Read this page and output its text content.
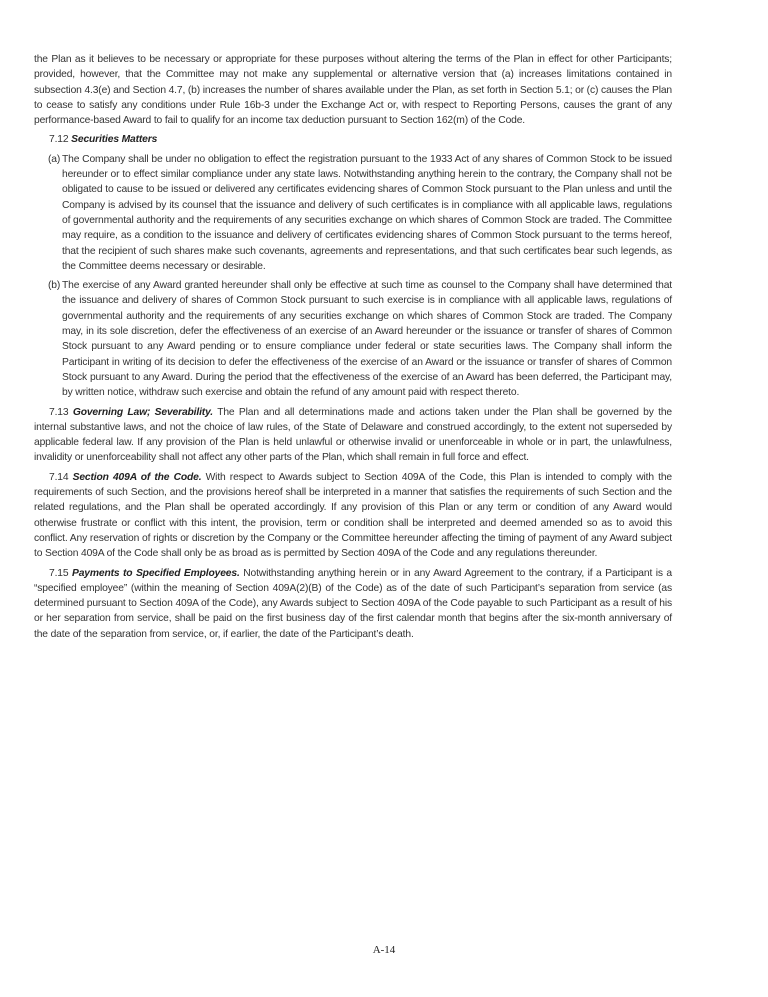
the Plan as it believes to be necessary or appropriate for these purposes without altering the terms of the Plan in effect for other Participants; provided, however, that the Committee may not make any supplemental or alternative version that (a) increases limitations contained in subsection 4.3(e) and Section 4.7, (b) increases the number of shares available under the Plan, as set forth in Section 5.1; or (c) causes the Plan to cease to satisfy any conditions under Rule 16b-3 under the Exchange Act or, with respect to Reporting Persons, causes the grant of any performance-based Award to fail to qualify for an income tax deduction pursuant to Section 162(m) of the Code.

7.12 Securities Matters

(a) The Company shall be under no obligation to effect the registration pursuant to the 1933 Act of any shares of Common Stock to be issued hereunder or to effect similar compliance under any state laws. Notwithstanding anything herein to the contrary, the Company shall not be obligated to cause to be issued or delivered any certificates evidencing shares of Common Stock pursuant to the Plan unless and until the Company is advised by its counsel that the issuance and delivery of such certificates is in compliance with all applicable laws, regulations of governmental authority and the requirements of any securities exchange on which shares of Common Stock are traded. The Committee may require, as a condition to the issuance and delivery of certificates evidencing shares of Common Stock pursuant to the terms hereof, that the recipient of such shares make such covenants, agreements and representations, and that such certificates bear such legends, as the Committee deems necessary or desirable.

(b) The exercise of any Award granted hereunder shall only be effective at such time as counsel to the Company shall have determined that the issuance and delivery of shares of Common Stock pursuant to such exercise is in compliance with all applicable laws, regulations of governmental authority and the requirements of any securities exchange on which shares of Common Stock are traded. The Company may, in its sole discretion, defer the effectiveness of an exercise of an Award hereunder or the issuance or transfer of shares of Common Stock pursuant to any Award pending or to ensure compliance under federal or state securities laws. The Company shall inform the Participant in writing of its decision to defer the effectiveness of the exercise of an Award or the issuance or transfer of shares of Common Stock pursuant to any Award. During the period that the effectiveness of the exercise of an Award has been deferred, the Participant may, by written notice, withdraw such exercise and obtain the refund of any amount paid with respect thereto.

7.13 Governing Law; Severability. The Plan and all determinations made and actions taken under the Plan shall be governed by the internal substantive laws, and not the choice of law rules, of the State of Delaware and construed accordingly, to the extent not superseded by applicable federal law. If any provision of the Plan is held unlawful or otherwise invalid or unenforceable in whole or in part, the unlawfulness, invalidity or unenforceability shall not affect any other parts of the Plan, which shall remain in full force and effect.

7.14 Section 409A of the Code. With respect to Awards subject to Section 409A of the Code, this Plan is intended to comply with the requirements of such Section, and the provisions hereof shall be interpreted in a manner that satisfies the requirements of such Section and the related regulations, and the Plan shall be operated accordingly. If any provision of this Plan or any term or condition of any Award would otherwise frustrate or conflict with this intent, the provision, term or condition shall be interpreted and deemed amended so as to avoid this conflict. Any reservation of rights or discretion by the Company or the Committee hereunder affecting the timing of payment of any Award subject to Section 409A of the Code shall only be as broad as is permitted by Section 409A of the Code and any regulations thereunder.

7.15 Payments to Specified Employees. Notwithstanding anything herein or in any Award Agreement to the contrary, if a Participant is a “specified employee” (within the meaning of Section 409A(2)(B) of the Code) as of the date of such Participant’s separation from service (as determined pursuant to Section 409A of the Code), any Awards subject to Section 409A of the Code payable to such Participant as a result of his or her separation from service, shall be paid on the first business day of the first calendar month that begins after the six-month anniversary of the date of the separation from service, or, if earlier, the date of the Participant’s death.

A-14
